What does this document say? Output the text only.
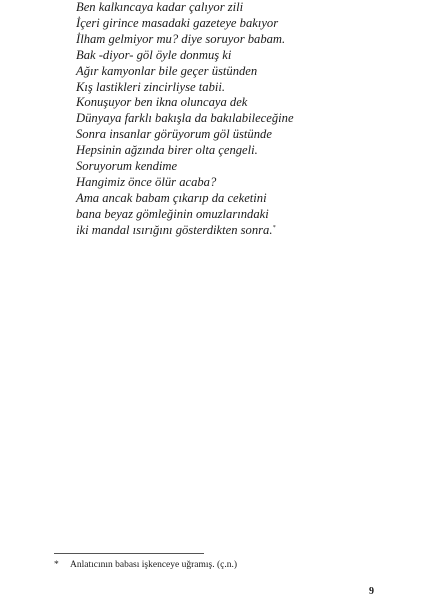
Ben kalkıncaya kadar çalıyor zili
İçeri girince masadaki gazeteye bakıyor
İlham gelmiyor mu? diye soruyor babam.
Bak -diyor- göl öyle donmuş ki
Ağır kamyonlar bile geçer üstünden
Kış lastikleri zincirliyse tabii.
Konuşuyor ben ikna oluncaya dek
Dünyaya farklı bakışla da bakılabileceğine
Sonra insanlar görüyorum göl üstünde
Hepsinin ağzında birer olta çengeli.
Soruyorum kendime
Hangimiz önce ölür acaba?
Ama ancak babam çıkarıp da ceketini
bana beyaz gömleğinin omuzlarındaki
iki mandal ısırığını gösterdikten sonra.*
* Anlatıcının babası işkenceye uğramış. (ç.n.)
9
